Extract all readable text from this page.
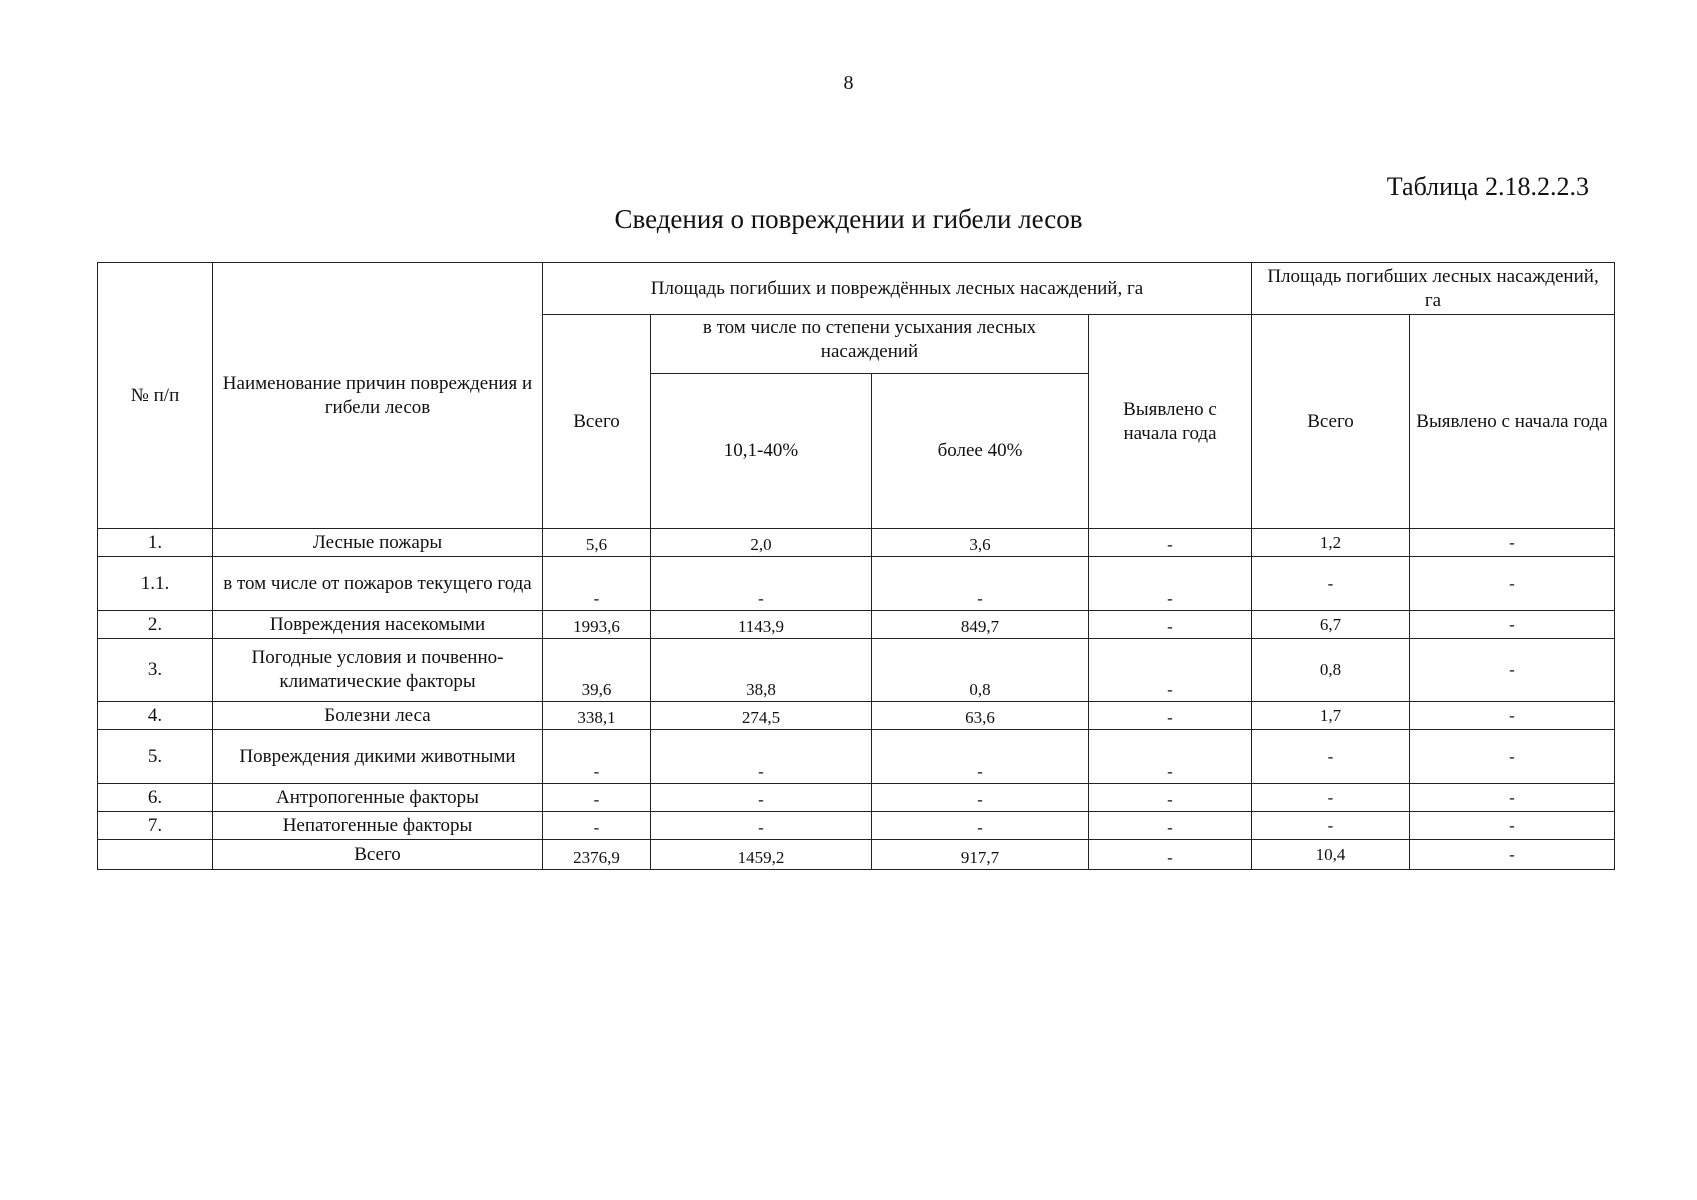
8
Таблица 2.18.2.2.3
Сведения о повреждении и гибели лесов
№ п/п	Наименование причин повреждения и гибели лесов	Площадь погибших и повреждённых лесных насаждений, га				Площадь погибших лесных насаждений, га	
		Всего	в том числе по степени усыхания лесных насаждений		Выявлено с начала года	Всего	Выявлено с начала года
			10,1-40%	более 40%			
1.	Лесные пожары	5,6	2,0	3,6	-	1,2	-
1.1.	в том числе от пожаров текущего года	-	-	-	-	-	-
2.	Повреждения насекомыми	1993,6	1143,9	849,7	-	6,7	-
3.	Погодные условия и почвенно-климатические факторы	39,6	38,8	0,8	-	0,8	-
4.	Болезни леса	338,1	274,5	63,6	-	1,7	-
5.	Повреждения дикими животными	-	-	-	-	-	-
6.	Антропогенные факторы	-	-	-	-	-	-
7.	Непатогенные факторы	-	-	-	-	-	-
	Всего	2376,9	1459,2	917,7	-	10,4	-
